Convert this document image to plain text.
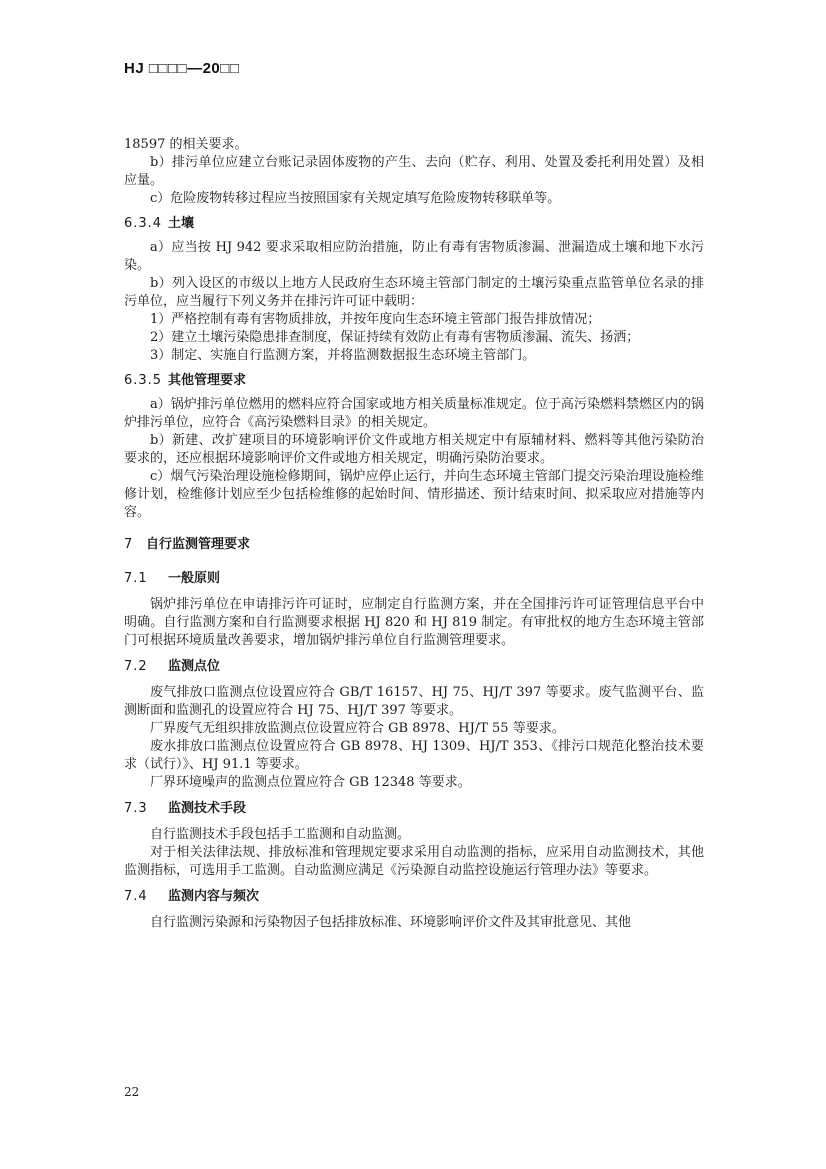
HJ □□□□—20□□

18597 的相关要求。

b）排污单位应建立台账记录固体废物的产生、去向（贮存、利用、处置及委托利用处置）及相应量。

c）危险废物转移过程应当按照国家有关规定填写危险废物转移联单等。

6.3.4 土壤

a）应当按 HJ 942 要求采取相应防治措施，防止有毒有害物质渗漏、泄漏造成土壤和地下水污染。

b）列入设区的市级以上地方人民政府生态环境主管部门制定的土壤污染重点监管单位名录的排污单位，应当履行下列义务并在排污许可证中载明：

1）严格控制有毒有害物质排放，并按年度向生态环境主管部门报告排放情况；

2）建立土壤污染隐患排查制度，保证持续有效防止有毒有害物质渗漏、流失、扬洒；

3）制定、实施自行监测方案，并将监测数据报生态环境主管部门。

6.3.5 其他管理要求

a）锅炉排污单位燃用的燃料应符合国家或地方相关质量标准规定。位于高污染燃料禁燃区内的锅炉排污单位，应符合《高污染燃料目录》的相关规定。

b）新建、改扩建项目的环境影响评价文件或地方相关规定中有原辅材料、燃料等其他污染防治要求的，还应根据环境影响评价文件或地方相关规定，明确污染防治要求。

c）烟气污染治理设施检修期间，锅炉应停止运行，并向生态环境主管部门提交污染治理设施检维修计划，检维修计划应至少包括检维修的起始时间、情形描述、预计结束时间、拟采取应对措施等内容。

7 自行监测管理要求
7.1 一般原则

锅炉排污单位在申请排污许可证时，应制定自行监测方案，并在全国排污许可证管理信息平台中明确。自行监测方案和自行监测要求根据 HJ 820 和 HJ 819 制定。有审批权的地方生态环境主管部门可根据环境质量改善要求，增加锅炉排污单位自行监测管理要求。

7.2 监测点位

废气排放口监测点位设置应符合 GB/T 16157、HJ 75、HJ/T 397 等要求。废气监测平台、监测断面和监测孔的设置应符合 HJ 75、HJ/T 397 等要求。

厂界废气无组织排放监测点位设置应符合 GB 8978、HJ/T 55 等要求。

废水排放口监测点位设置应符合 GB 8978、HJ 1309、HJ/T 353、《排污口规范化整治技术要求（试行）》、HJ 91.1 等要求。

厂界环境噪声的监测点位置应符合 GB 12348 等要求。

7.3 监测技术手段

自行监测技术手段包括手工监测和自动监测。

对于相关法律法规、排放标准和管理规定要求采用自动监测的指标，应采用自动监测技术，其他监测指标，可选用手工监测。自动监测应满足《污染源自动监控设施运行管理办法》等要求。

7.4 监测内容与频次

自行监测污染源和污染物因子包括排放标准、环境影响评价文件及其审批意见、其他

22
